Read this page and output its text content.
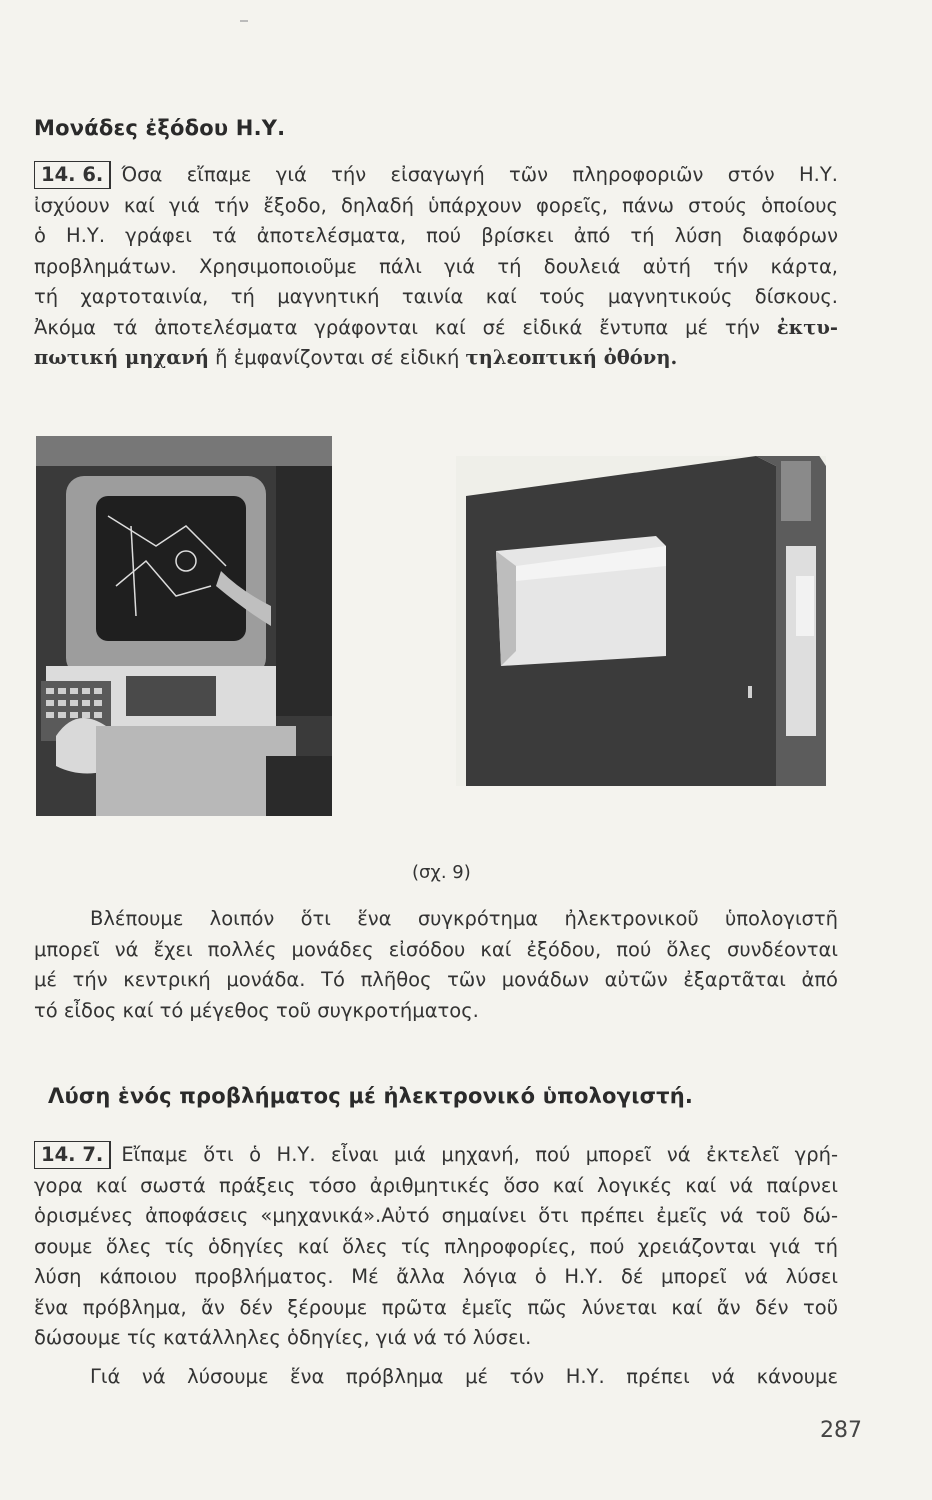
Μονάδες ἐξόδου Η.Υ.
14. 6. Όσα εἴπαμε γιά τήν εἰσαγωγή τῶν πληροφοριῶν στόν Η.Υ.
ἰσχύουν καί γιά τήν ἔξοδο, δηλαδή ὑπάρχουν φορεῖς, πάνω στούς ὁποίους
ὁ Η.Υ. γράφει τά ἀποτελέσματα, πού βρίσκει ἀπό τή λύση διαφόρων
προβλημάτων. Χρησιμοποιοῦμε πάλι γιά τή δουλειά αὐτή τήν κάρτα,
τή χαρτοταινία, τή μαγνητική ταινία καί τούς μαγνητικούς δίσκους.
Ἀκόμα τά ἀποτελέσματα γράφονται καί σέ εἰδικά ἔντυπα μέ τήν ἐκτυ-
πωτική μηχανή ἤ ἐμφανίζονται σέ εἰδική τηλεοπτική ὀθόνη.
(σχ. 9)
Βλέπουμε λοιπόν ὅτι ἕνα συγκρότημα ἠλεκτρονικοῦ ὑπολογιστῆ
μπορεῖ νά ἔχει πολλές μονάδες εἰσόδου καί ἐξόδου, πού ὅλες συνδέονται
μέ τήν κεντρική μονάδα. Τό πλῆθος τῶν μονάδων αὐτῶν ἐξαρτᾶται ἀπό
τό εἶδος καί τό μέγεθος τοῦ συγκροτήματος.
Λύση ἑνός προβλήματος μέ ἠλεκτρονικό ὑπολογιστή.
14. 7. Εἴπαμε ὅτι ὁ Η.Υ. εἶναι μιά μηχανή, πού μπορεῖ νά ἐκτελεῖ γρή-
γορα καί σωστά πράξεις τόσο ἀριθμητικές ὅσο καί λογικές καί νά παίρνει
ὁρισμένες ἀποφάσεις «μηχανικά».Αὐτό σημαίνει ὅτι πρέπει ἐμεῖς νά τοῦ δώ-
σουμε ὅλες τίς ὁδηγίες καί ὅλες τίς πληροφορίες, πού χρειάζονται γιά τή
λύση κάποιου προβλήματος. Μέ ἄλλα λόγια ὁ Η.Υ. δέ μπορεῖ νά λύσει
ἕνα πρόβλημα, ἄν δέν ξέρουμε πρῶτα ἐμεῖς πῶς λύνεται καί ἄν δέν τοῦ
δώσουμε τίς κατάλληλες ὁδηγίες, γιά νά τό λύσει.
Γιά νά λύσουμε ἕνα πρόβλημα μέ τόν Η.Υ. πρέπει νά κάνουμε
287
